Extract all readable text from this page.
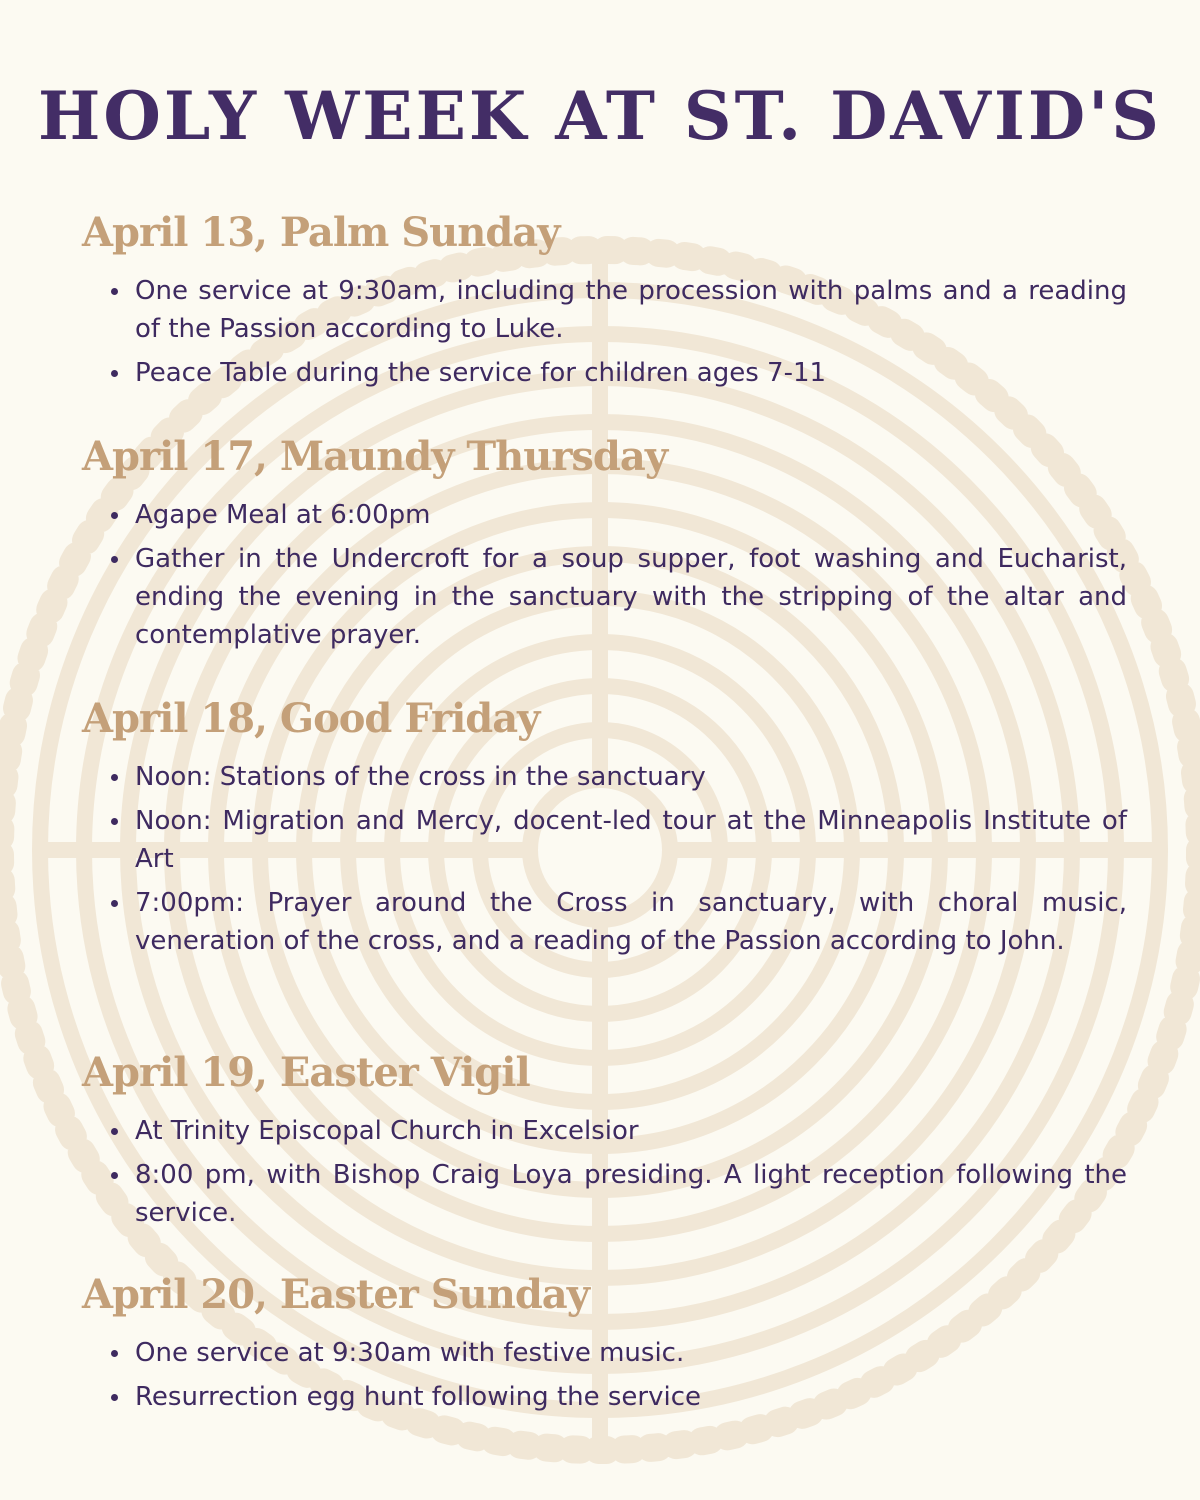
HOLY WEEK AT ST. DAVID'S
April 13, Palm Sunday
One service at 9:30am, including the procession with palms and a reading of the Passion according to Luke.
Peace Table during the service for children ages 7-11
April 17, Maundy Thursday
Agape Meal at 6:00pm
Gather in the Undercroft for a soup supper, foot washing and Eucharist, ending the evening in the sanctuary with the stripping of the altar and contemplative prayer.
April 18, Good Friday
Noon: Stations of the cross in the sanctuary
Noon: Migration and Mercy, docent-led tour at the Minneapolis Institute of Art
7:00pm: Prayer around the Cross in sanctuary, with choral music, veneration of the cross, and a reading of the Passion according to John.
April 19, Easter Vigil
At Trinity Episcopal Church in Excelsior
8:00 pm, with Bishop Craig Loya presiding. A light reception following the service.
April 20, Easter Sunday
One service at 9:30am with festive music.
Resurrection egg hunt following the service
